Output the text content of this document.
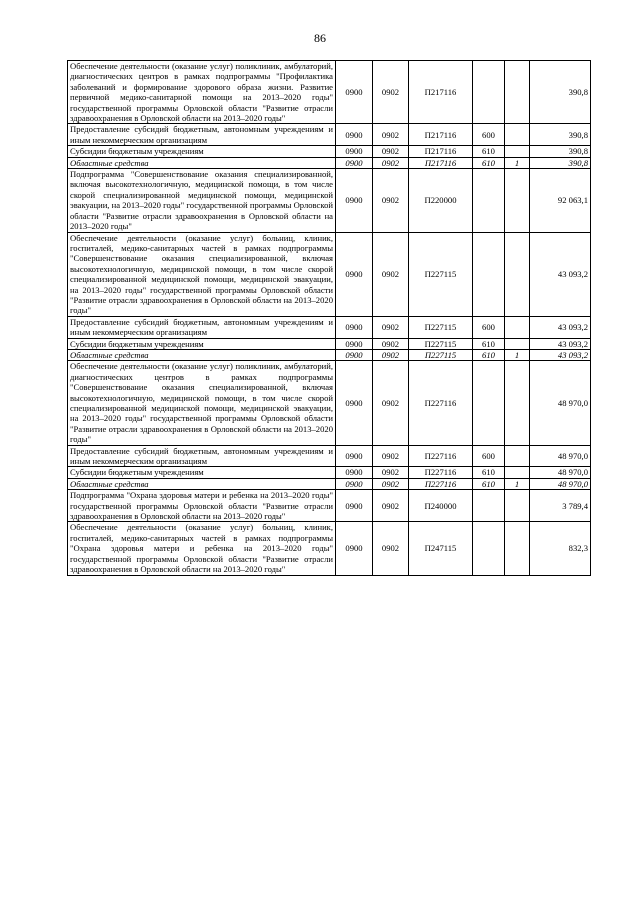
86
Обеспечение деятельности (оказание услуг) поликлиник, амбулаторий, диагностических центров в рамках подпрограммы "Профилактика заболеваний и формирование здорового образа жизни. Развитие первичной медико-санитарной помощи на 2013–2020 годы" государственной программы Орловской области "Развитие отрасли здравоохранения в Орловской области на 2013–2020 годы"	0900	0902	П217116			390,8
Предоставление субсидий бюджетным, автономным учреждениям и иным некоммерческим организациям	0900	0902	П217116	600		390,8
Субсидии бюджетным учреждениям	0900	0902	П217116	610		390,8
Областные средства	0900	0902	П217116	610	1	390,8
Подпрограмма "Совершенствование оказания специализированной, включая высокотехнологичную, медицинской помощи, в том числе скорой специализированной медицинской помощи, медицинской эвакуации, на 2013–2020 годы" государственной программы Орловской области "Развитие отрасли здравоохранения в Орловской области на 2013–2020 годы"	0900	0902	П220000			92 063,1
Обеспечение деятельности (оказание услуг) больниц, клиник, госпиталей, медико-санитарных частей в рамках подпрограммы "Совершенствование оказания специализированной, включая высокотехнологичную, медицинской помощи, в том числе скорой специализированной медицинской помощи, медицинской эвакуации, на 2013–2020 годы" государственной программы Орловской области "Развитие отрасли здравоохранения в Орловской области на 2013–2020 годы"	0900	0902	П227115			43 093,2
Предоставление субсидий бюджетным, автономным учреждениям и иным некоммерческим организациям	0900	0902	П227115	600		43 093,2
Субсидии бюджетным учреждениям	0900	0902	П227115	610		43 093,2
Областные средства	0900	0902	П227115	610	1	43 093,2
Обеспечение деятельности (оказание услуг) поликлиник, амбулаторий, диагностических центров в рамках подпрограммы "Совершенствование оказания специализированной, включая высокотехнологичную, медицинской помощи, в том числе скорой специализированной медицинской помощи, медицинской эвакуации, на 2013–2020 годы" государственной программы Орловской области "Развитие отрасли здравоохранения в Орловской области на 2013–2020 годы"	0900	0902	П227116			48 970,0
Предоставление субсидий бюджетным, автономным учреждениям и иным некоммерческим организациям	0900	0902	П227116	600		48 970,0
Субсидии бюджетным учреждениям	0900	0902	П227116	610		48 970,0
Областные средства	0900	0902	П227116	610	1	48 970,0
Подпрограмма "Охрана здоровья матери и ребенка на 2013–2020 годы" государственной программы Орловской области "Развитие отрасли здравоохранения в Орловской области на 2013–2020 годы"	0900	0902	П240000			3 789,4
Обеспечение деятельности (оказание услуг) больниц, клиник, госпиталей, медико-санитарных частей в рамках подпрограммы "Охрана здоровья матери и ребенка на 2013–2020 годы" государственной программы Орловской области "Развитие отрасли здравоохранения в Орловской области на 2013–2020 годы"	0900	0902	П247115			832,3
